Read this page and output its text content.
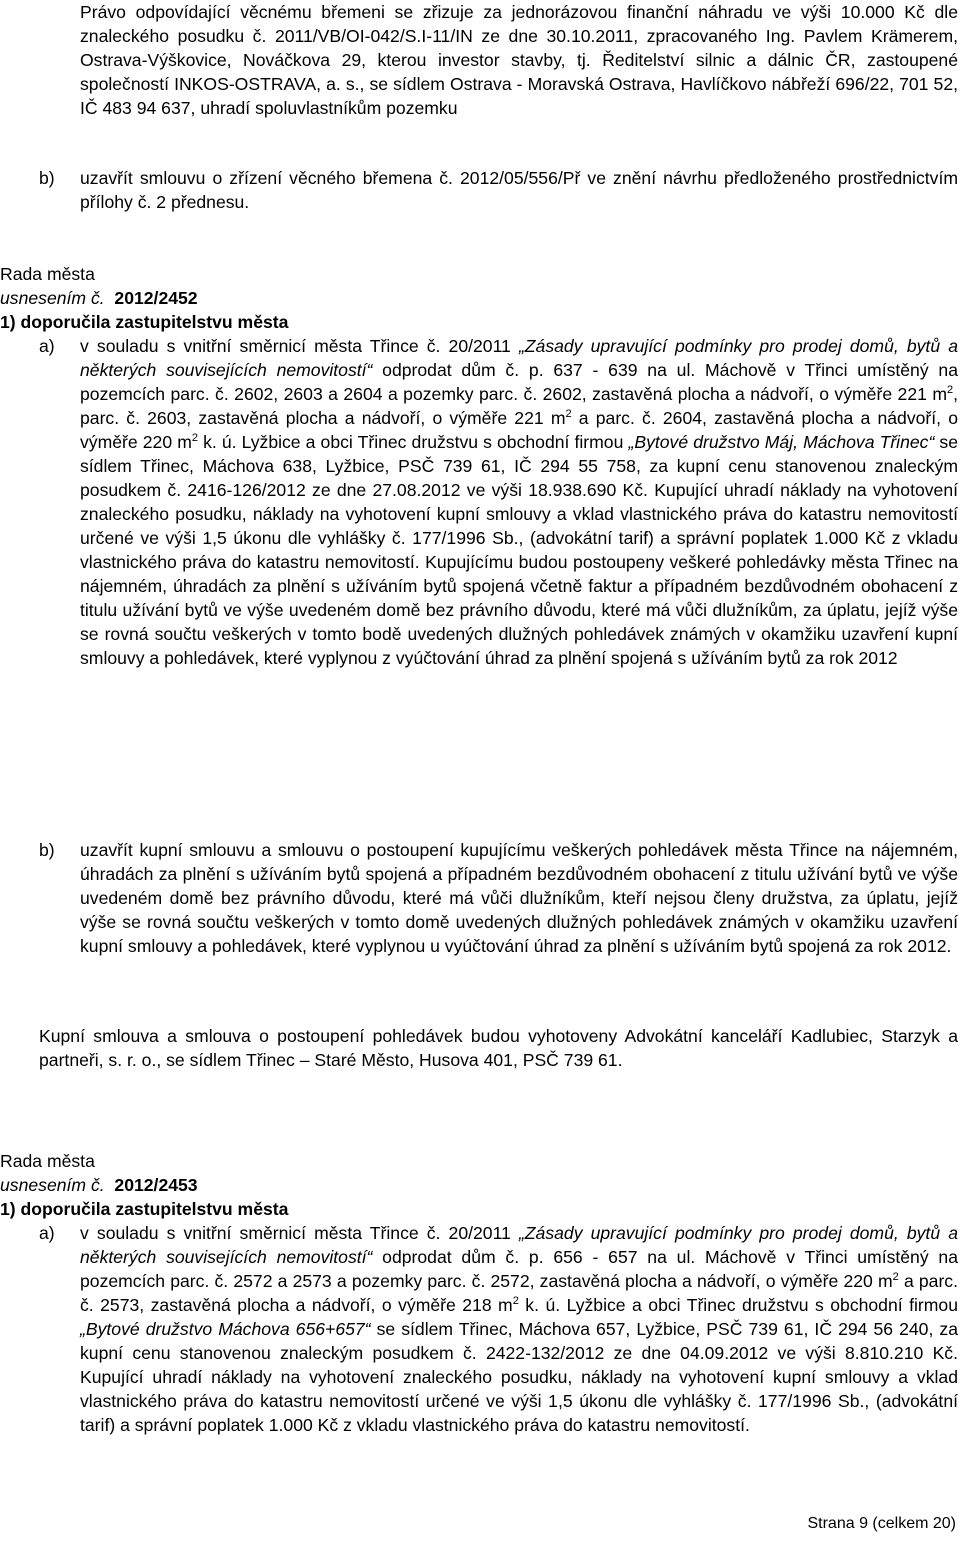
Právo odpovídající věcnému břemeni se zřizuje za jednorázovou finanční náhradu ve výši 10.000 Kč dle znaleckého posudku č. 2011/VB/OI-042/S.I-11/IN ze dne 30.10.2011, zpracovaného Ing. Pavlem Krämerem, Ostrava-Výškovice, Nováčkova 29, kterou investor stavby, tj. Ředitelství silnic a dálnic ČR, zastoupené společností INKOS-OSTRAVA, a. s., se sídlem Ostrava - Moravská Ostrava, Havlíčkovo nábřeží 696/22, 701 52, IČ 483 94 637, uhradí spoluvlastníkům pozemku
b)	uzavřít smlouvu o zřízení věcného břemena č. 2012/05/556/Př ve znění návrhu předloženého prostřednictvím přílohy č. 2 přednesu.
Rada města
usnesením č. 2012/2452
1) doporučila zastupitelstvu města
a)	v souladu s vnitřní směrnicí města Třince č. 20/2011 „Zásady upravující podmínky pro prodej domů, bytů a některých souvisejících nemovitostí“ odprodat dům č. p. 637 - 639 na ul. Máchově v Třinci umístěný na pozemcích parc. č. 2602, 2603 a 2604 a pozemky parc. č. 2602, zastavěná plocha a nádvoří, o výměře 221 $m^2$, parc. č. 2603, zastavěná plocha a nádvoří, o výměře 221 $m^2$ a parc. č. 2604, zastavěná plocha a nádvoří, o výměře 220 $m^2$ k. ú. Lyžbice a obci Třinec družstvu s obchodní firmou „Bytové družstvo Máj, Máchova Třinec“ se sídlem Třinec, Máchova 638, Lyžbice, PSČ 739 61, IČ 294 55 758, za kupní cenu stanovenou znaleckým posudkem č. 2416-126/2012 ze dne 27.08.2012 ve výši 18.938.690 Kč. Kupující uhradí náklady na vyhotovení znaleckého posudku, náklady na vyhotovení kupní smlouvy a vklad vlastnického práva do katastru nemovitostí určené ve výši 1,5 úkonu dle vyhlášky č. 177/1996 Sb., (advokátní tarif) a správní poplatek 1.000 Kč z vkladu vlastnického práva do katastru nemovitostí. Kupujícímu budou postoupeny veškeré pohledávky města Třinec na nájemném, úhradách za plnění s užíváním bytů spojená včetně faktur a případném bezdůvodném obohacení z titulu užívání bytů ve výše uvedeném domě bez právního důvodu, které má vůči dlužníkům, za úplatu, jejíž výše se rovná součtu veškerých v tomto bodě uvedených dlužných pohledávek známých v okamžiku uzavření kupní smlouvy a pohledávek, které vyplynou z vyúčtování úhrad za plnění spojená s užíváním bytů za rok 2012
b)	uzavřít kupní smlouvu a smlouvu o postoupení kupujícímu veškerých pohledávek města Třince na nájemném, úhradách za plnění s užíváním bytů spojená a případném bezdůvodném obohacení z titulu užívání bytů ve výše uvedeném domě bez právního důvodu, které má vůči dlužníkům, kteří nejsou členy družstva, za úplatu, jejíž výše se rovná součtu veškerých v tomto domě uvedených dlužných pohledávek známých v okamžiku uzavření kupní smlouvy a pohledávek, které vyplynou u vyúčtování úhrad za plnění s užíváním bytů spojená za rok 2012.
Kupní smlouva a smlouva o postoupení pohledávek budou vyhotoveny Advokátní kanceláří Kadlubiec, Starzyk a partneři, s. r. o., se sídlem Třinec – Staré Město, Husova 401, PSČ 739 61.
Rada města
usnesením č. 2012/2453
1) doporučila zastupitelstvu města
a)	v souladu s vnitřní směrnicí města Třince č. 20/2011 „Zásady upravující podmínky pro prodej domů, bytů a některých souvisejících nemovitostí“ odprodat dům č. p. 656 - 657 na ul. Máchově v Třinci umístěný na pozemcích parc. č. 2572 a 2573 a pozemky parc. č. 2572, zastavěná plocha a nádvoří, o výměře 220 $m^2$ a parc. č. 2573, zastavěná plocha a nádvoří, o výměře 218 $m^2$ k. ú. Lyžbice a obci Třinec družstvu s obchodní firmou „Bytové družstvo Máchova 656+657“ se sídlem Třinec, Máchova 657, Lyžbice, PSČ 739 61, IČ 294 56 240, za kupní cenu stanovenou znaleckým posudkem č. 2422-132/2012 ze dne 04.09.2012 ve výši 8.810.210 Kč. Kupující uhradí náklady na vyhotovení znaleckého posudku, náklady na vyhotovení kupní smlouvy a vklad vlastnického práva do katastru nemovitostí určené ve výši 1,5 úkonu dle vyhlášky č. 177/1996 Sb., (advokátní tarif) a správní poplatek 1.000 Kč z vkladu vlastnického práva do katastru nemovitostí.
Strana 9 (celkem 20)
